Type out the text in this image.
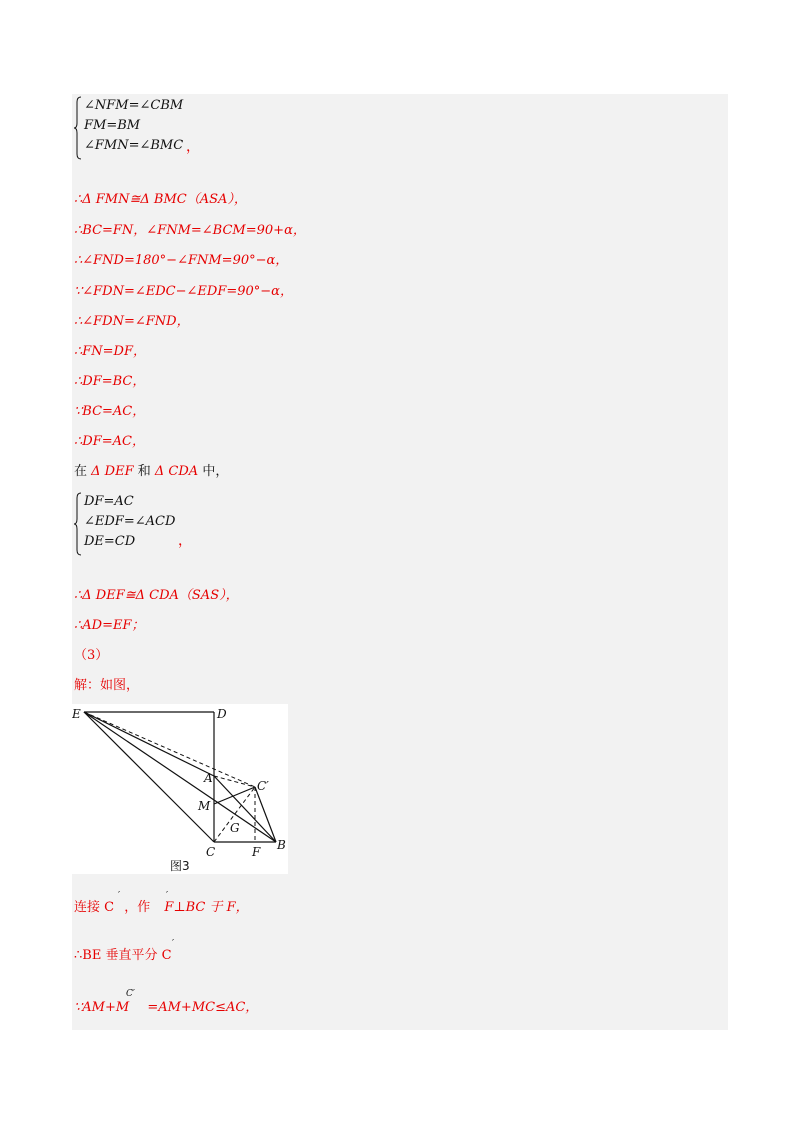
∠NFM=∠CBM
FM=BM
∠FMN=∠BMC ，
∴Δ FMN≅Δ BMC（ASA），
∴BC=FN，∠FNM=∠BCM=90+α，
∴∠FND=180°−∠FNM=90°−α，
∵∠FDN=∠EDC−∠EDF=90°−α，
∴∠FDN=∠FND，
∴FN=DF，
∴DF=BC，
∵BC=AC，
∴DF=AC，
在 Δ DEF 和 Δ CDA 中，
DF=AC
∠EDF=∠ACD
DE=CD	，
∴Δ DEF≅Δ CDA（SAS），
∴AD=EF；
（3）
解：如图，
E	D
A
C′
M
G
C	F B
图3
连接 C
′
，作
′
F⊥BC 于 F，
∴BE 垂直平分 C
′
∵AM+M
C′
=AM+MC≤AC，
